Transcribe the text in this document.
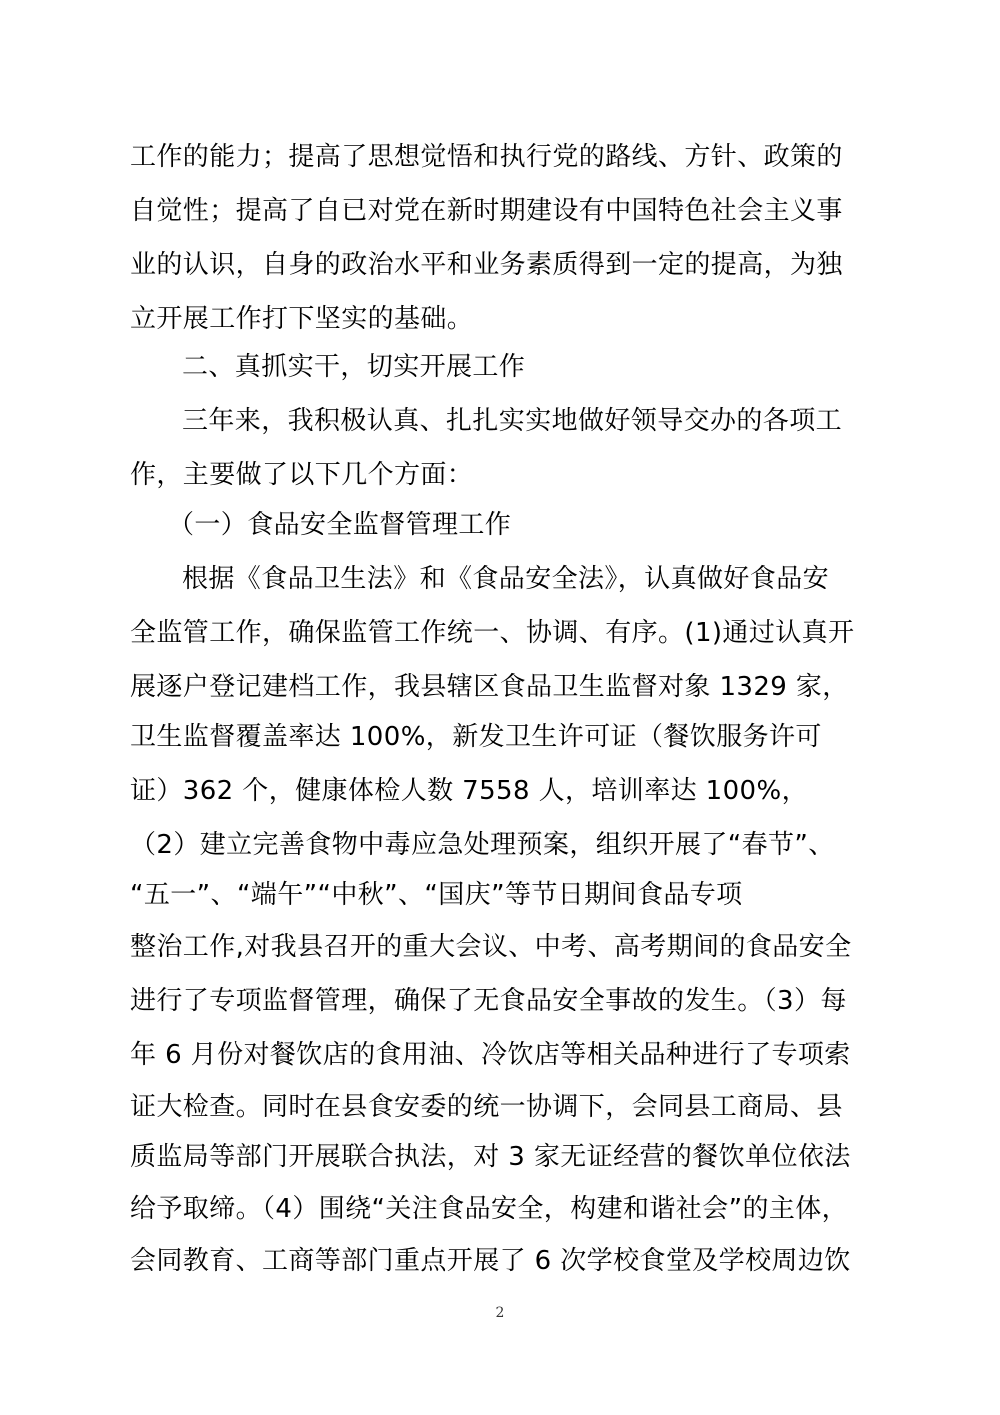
工作的能力；提高了思想觉悟和执行党的路线、方针、政策的
自觉性；提高了自已对党在新时期建设有中国特色社会主义事
业的认识，自身的政治水平和业务素质得到一定的提高，为独
立开展工作打下坚实的基础。
二、真抓实干，切实开展工作
三年来，我积极认真、扎扎实实地做好领导交办的各项工
作，主要做了以下几个方面：
（一）食品安全监督管理工作
根据《食品卫生法》和《食品安全法》，认真做好食品安
全监管工作，确保监管工作统一、协调、有序。(1)通过认真开
展逐户登记建档工作，我县辖区食品卫生监督对象 1329 家，
卫生监督覆盖率达 100%，新发卫生许可证（餐饮服务许可
证）362 个，健康体检人数 7558 人，培训率达 100%，
（2）建立完善食物中毒应急处理预案，组织开展了“春节”、
“五一”、“端午”“中秋”、“国庆”等节日期间食品专项
整治工作,对我县召开的重大会议、中考、高考期间的食品安全
进行了专项监督管理，确保了无食品安全事故的发生。（3）每
年 6 月份对餐饮店的食用油、冷饮店等相关品种进行了专项索
证大检查。同时在县食安委的统一协调下，会同县工商局、县
质监局等部门开展联合执法，对 3 家无证经营的餐饮单位依法
给予取缔。（4）围绕“关注食品安全，构建和谐社会”的主体，
会同教育、工商等部门重点开展了 6 次学校食堂及学校周边饮
2
